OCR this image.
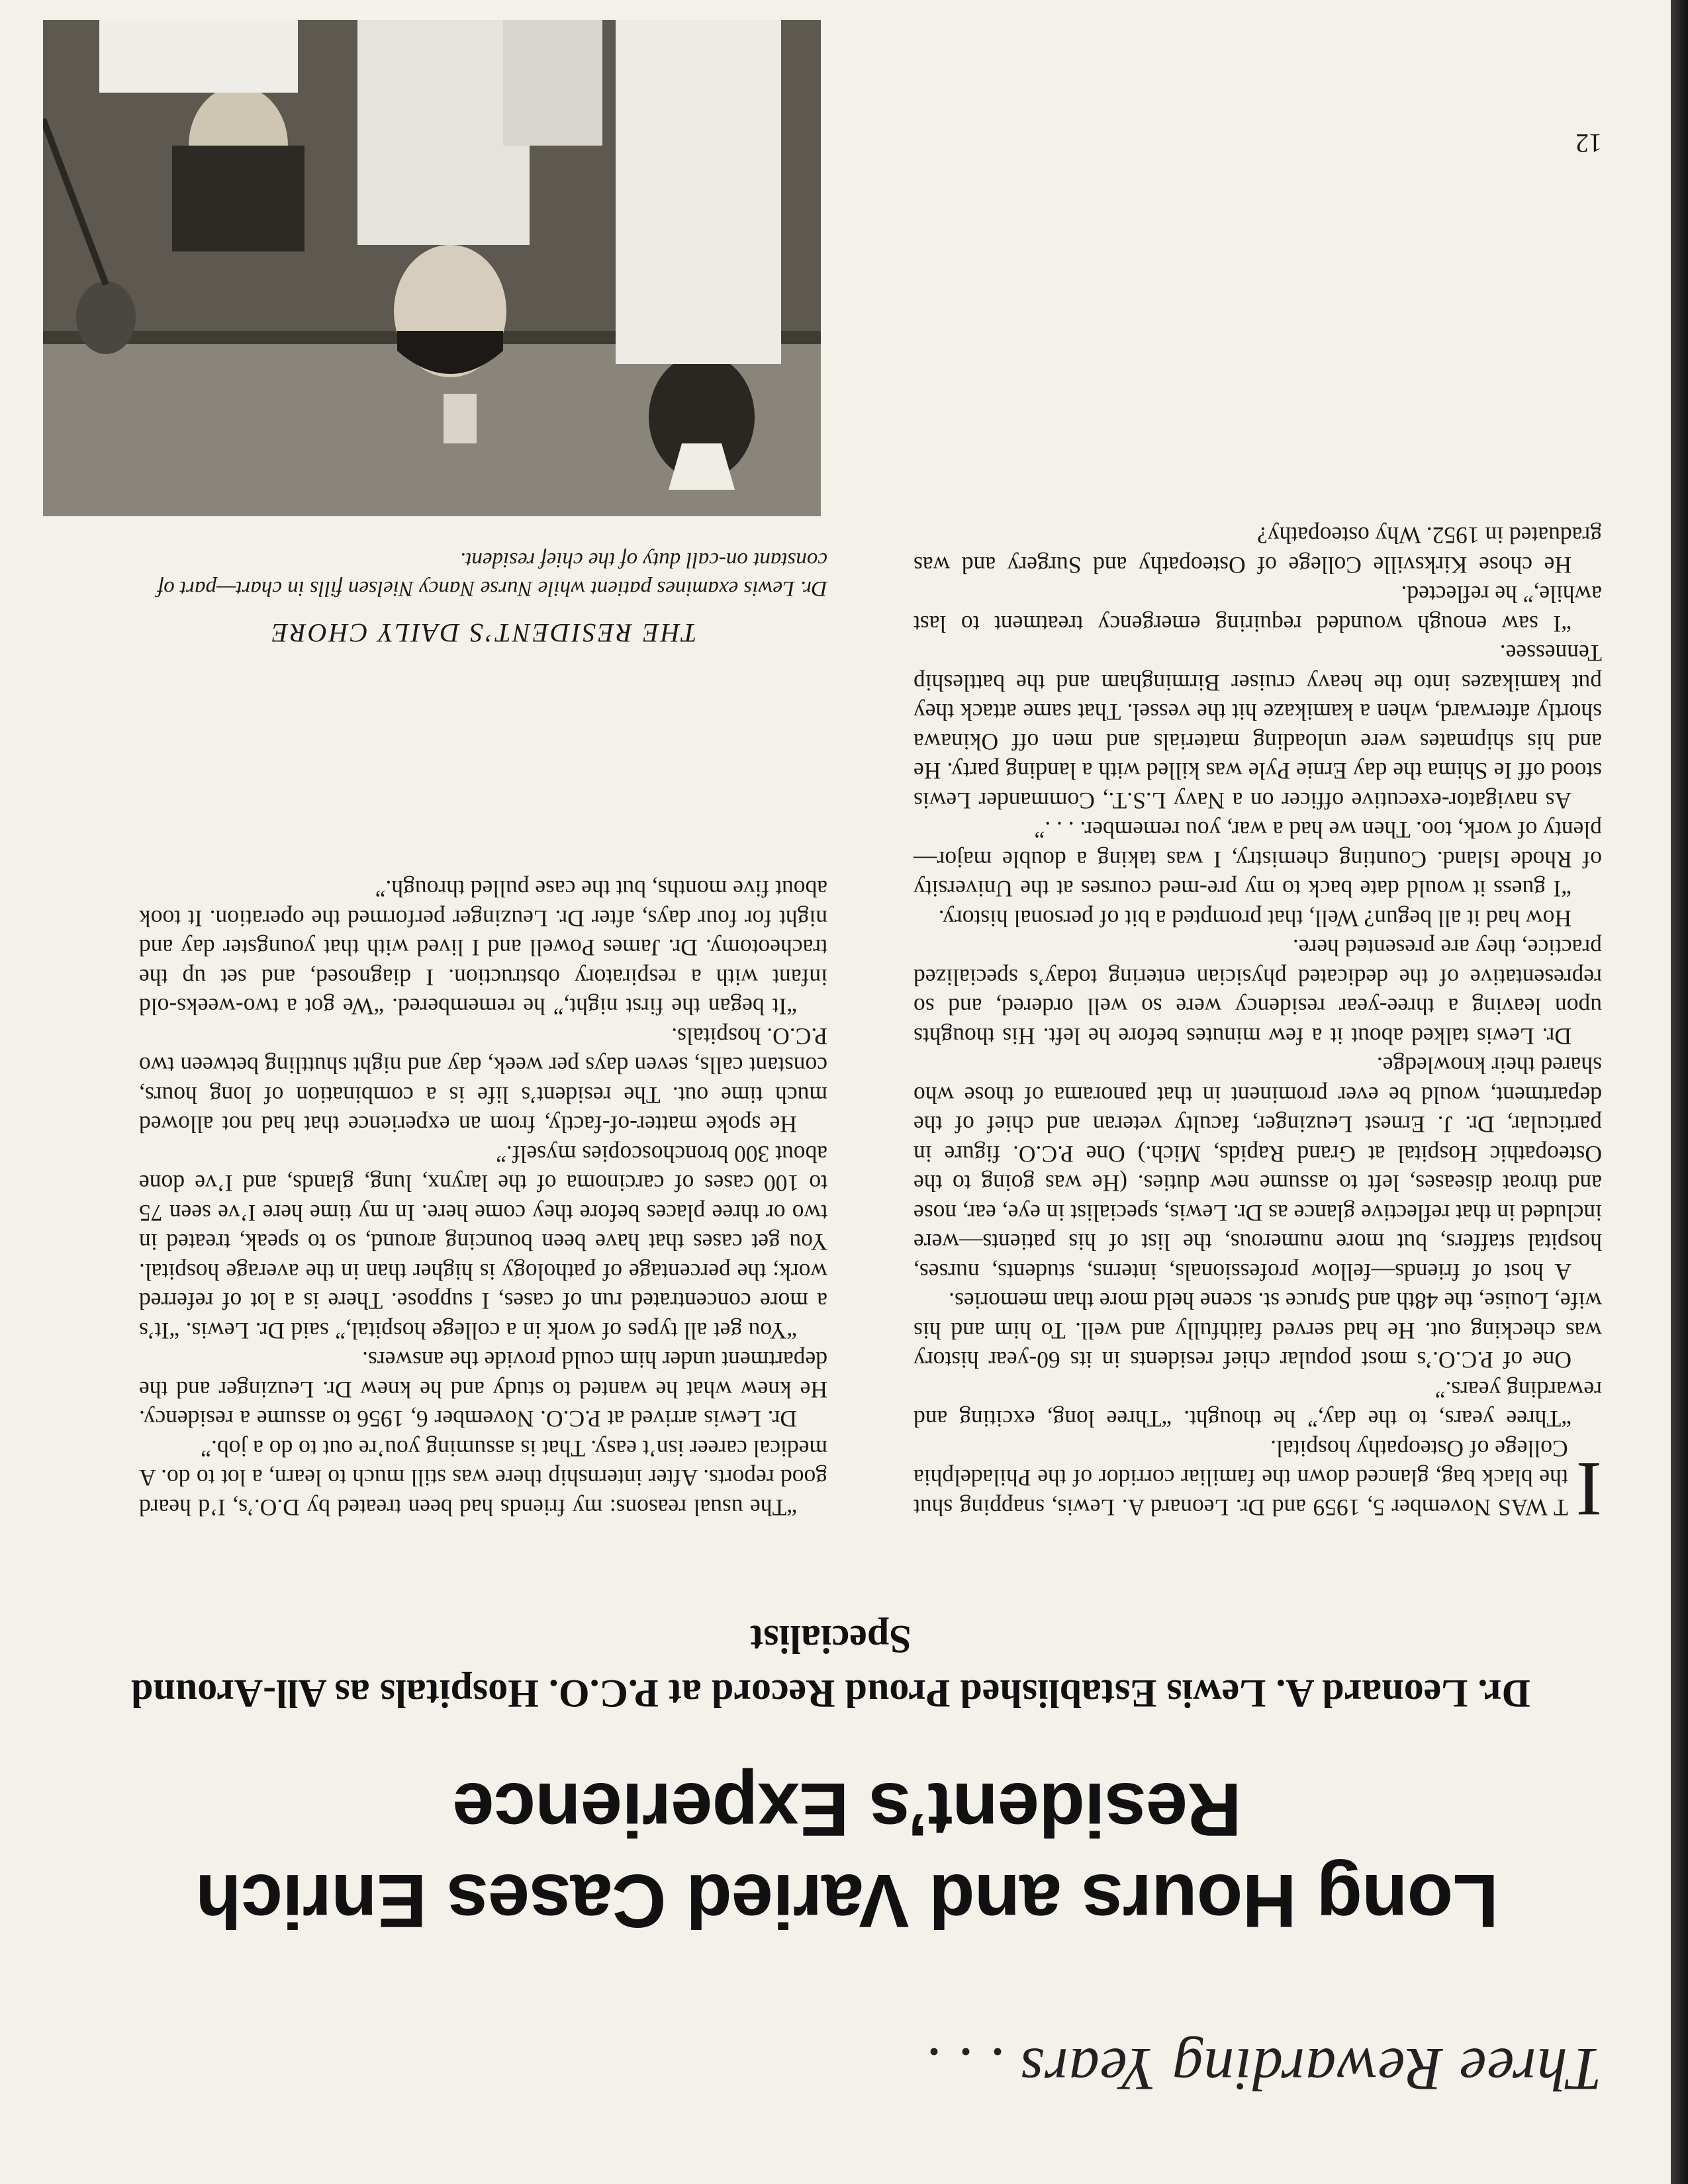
Three Rewarding Years . . .
Long Hours and Varied Cases Enrich Resident’s Experience
Dr. Leonard A. Lewis Established Proud Record at P.C.O. Hospitals as All-Around Specialist

I
T WAS November 5, 1959 and Dr. Leonard A. Lewis, snapping shut the black bag, glanced down the familiar corridor of the Philadelphia College of Osteopathy hospital.

“Three years, to the day,” he thought. “Three long, exciting and rewarding years.”

One of P.C.O.’s most popular chief residents in its 60-year history was checking out. He had served faithfully and well. To him and his wife, Louise, the 48th and Spruce st. scene held more than memories.

A host of friends—fellow professionals, interns, students, nurses, hospital staffers, but more numerous, the list of his patients—were included in that reflective glance as Dr. Lewis, specialist in eye, ear, nose and throat diseases, left to assume new duties. (He was going to the Osteopathic Hospital at Grand Rapids, Mich.) One P.C.O. figure in particular, Dr. J. Ernest Leuzinger, faculty veteran and chief of the department, would be ever prominent in that panorama of those who shared their knowledge.

Dr. Lewis talked about it a few minutes before he left. His thoughts upon leaving a three-year residency were so well ordered, and so representative of the dedicated physician entering today’s specialized practice, they are presented here.

How had it all begun? Well, that prompted a bit of personal history.

“I guess it would date back to my pre-med courses at the University of Rhode Island. Counting chemistry, I was taking a double major—plenty of work, too. Then we had a war, you remember. . . .”

As navigator-executive officer on a Navy L.S.T., Commander Lewis stood off Ie Shima the day Ernie Pyle was killed with a landing party. He and his shipmates were unloading materials and men off Okinawa shortly afterward, when a kamikaze hit the vessel. That same attack they put kamikazes into the heavy cruiser Birmingham and the battleship Tennessee.

“I saw enough wounded requiring emergency treatment to last awhile,” he reflected.

He chose Kirksville College of Osteopathy and Surgery and was graduated in 1952. Why osteopathy?

“The usual reasons: my friends had been treated by D.O.’s, I’d heard good reports. After internship there was still much to learn, a lot to do. A medical career isn’t easy. That is assuming you’re out to do a job.”

Dr. Lewis arrived at P.C.O. November 6, 1956 to assume a residency. He knew what he wanted to study and he knew Dr. Leuzinger and the department under him could provide the answers.

“You get all types of work in a college hospital,” said Dr. Lewis. “It’s a more concentrated run of cases, I suppose. There is a lot of referred work; the percentage of pathology is higher than in the average hospital. You get cases that have been bouncing around, so to speak, treated in two or three places before they come here. In my time here I’ve seen 75 to 100 cases of carcinoma of the larynx, lung, glands, and I’ve done about 300 bronchoscopies myself.”

He spoke matter-of-factly, from an experience that had not allowed much time out. The resident’s life is a combination of long hours, constant calls, seven days per week, day and night shuttling between two P.C.O. hospitals.

“It began the first night,” he remembered. “We got a two-weeks-old infant with a respiratory obstruction. I diagnosed, and set up the tracheotomy. Dr. James Powell and I lived with that youngster day and night for four days, after Dr. Leuzinger performed the operation. It took about five months, but the case pulled through.”

THE RESIDENT’S DAILY CHORE
Dr. Lewis examines patient while Nurse Nancy Nielsen fills in chart—part of constant on-call duty of the chief resident.
12
